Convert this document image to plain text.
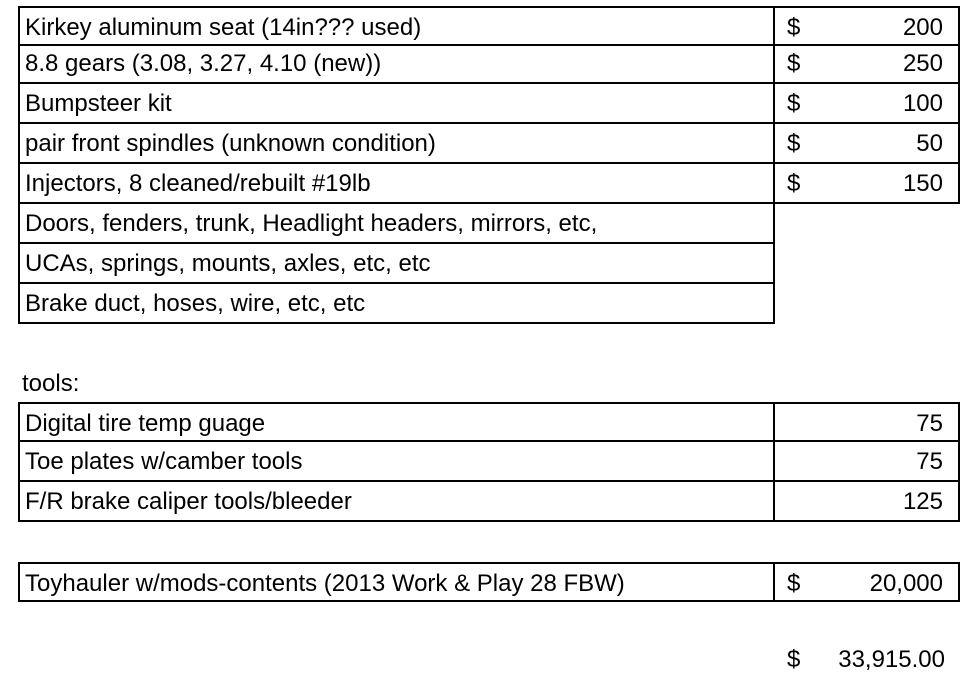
Kirkey aluminum seat (14in??? used)	$	200
8.8 gears (3.08, 3.27, 4.10 (new))	$	250
Bumpsteer kit	$	100
pair front spindles (unknown condition)	$	50
Injectors, 8 cleaned/rebuilt #19lb	$	150
Doors, fenders, trunk, Headlight headers, mirrors, etc,
UCAs, springs, mounts, axles, etc, etc
Brake duct, hoses, wire, etc, etc
tools:
Digital tire temp guage	75
Toe plates w/camber tools	75
F/R brake caliper tools/bleeder	125
Toyhauler w/mods-contents (2013 Work & Play 28 FBW)	$	20,000
$ 33,915.00
